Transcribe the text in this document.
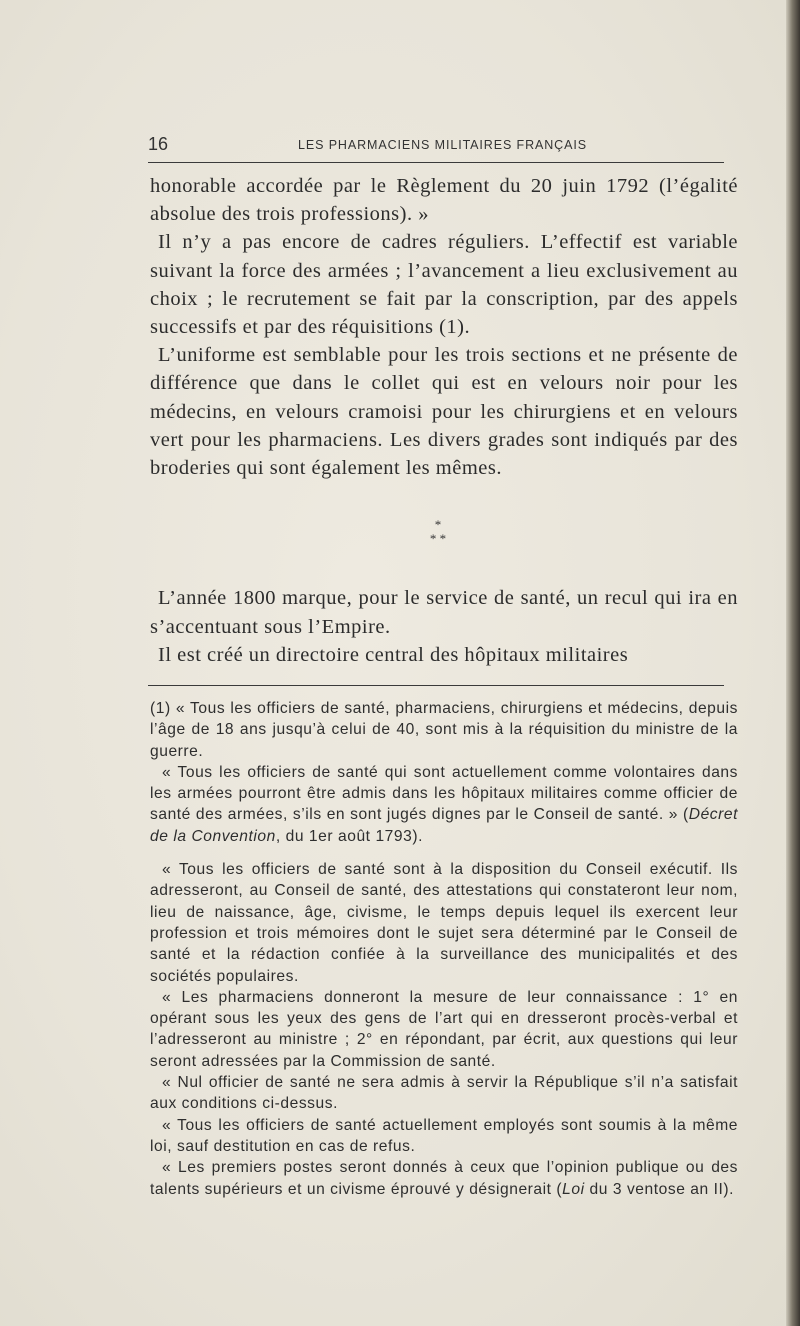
16	LES PHARMACIENS MILITAIRES FRANÇAIS

honorable accordée par le Règlement du 20 juin 1792 (l’égalité absolue des trois professions). »

Il n’y a pas encore de cadres réguliers. L’effectif est variable suivant la force des armées ; l’avancement a lieu exclusivement au choix ; le recrutement se fait par la conscription, par des appels successifs et par des réquisitions (1).

L’uniforme est semblable pour les trois sections et ne présente de différence que dans le collet qui est en velours noir pour les médecins, en velours cramoisi pour les chirurgiens et en velours vert pour les pharmaciens. Les divers grades sont indiqués par des broderies qui sont également les mêmes.

*
* *

L’année 1800 marque, pour le service de santé, un recul qui ira en s’accentuant sous l’Empire.

Il est créé un directoire central des hôpitaux militaires

(1) « Tous les officiers de santé, pharmaciens, chirurgiens et médecins, depuis l’âge de 18 ans jusqu’à celui de 40, sont mis à la réquisition du ministre de la guerre.

« Tous les officiers de santé qui sont actuellement comme volontaires dans les armées pourront être admis dans les hôpitaux militaires comme officier de santé des armées, s’ils en sont jugés dignes par le Conseil de santé. » (Décret de la Convention, du 1er août 1793).

« Tous les officiers de santé sont à la disposition du Conseil exécutif. Ils adresseront, au Conseil de santé, des attestations qui constateront leur nom, lieu de naissance, âge, civisme, le temps depuis lequel ils exercent leur profession et trois mémoires dont le sujet sera déterminé par le Conseil de santé et la rédaction confiée à la surveillance des municipalités et des sociétés populaires.

« Les pharmaciens donneront la mesure de leur connaissance : 1° en opérant sous les yeux des gens de l’art qui en dresseront procès-verbal et l’adresseront au ministre ; 2° en répondant, par écrit, aux questions qui leur seront adressées par la Commission de santé.

« Nul officier de santé ne sera admis à servir la République s’il n’a satisfait aux conditions ci-dessus.

« Tous les officiers de santé actuellement employés sont soumis à la même loi, sauf destitution en cas de refus.

« Les premiers postes seront donnés à ceux que l’opinion publique ou des talents supérieurs et un civisme éprouvé y désignerait (Loi du 3 ventose an II).
